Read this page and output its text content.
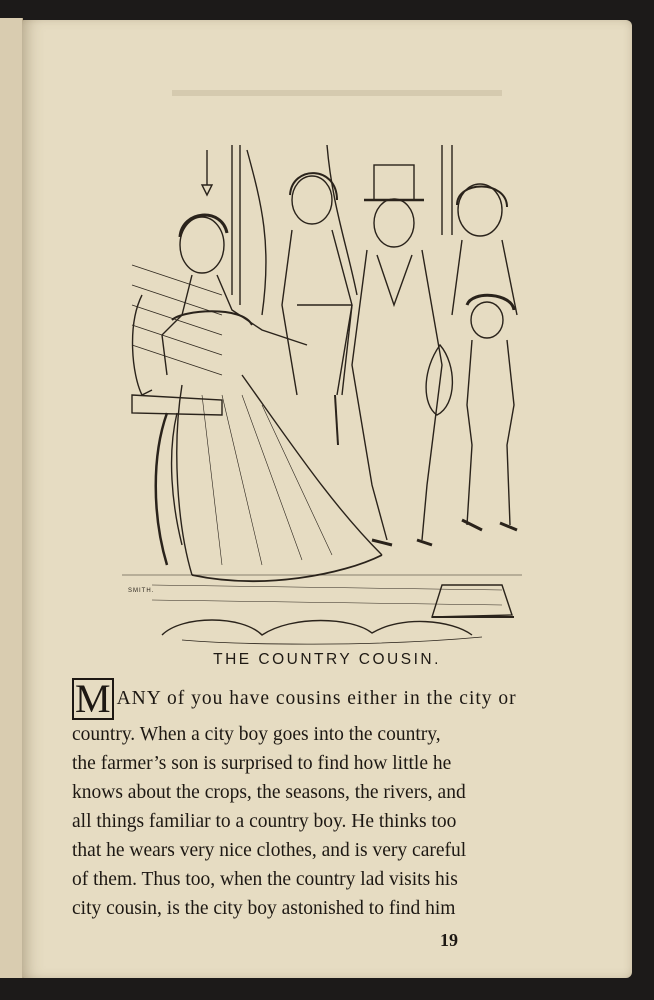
SMITH.
THE COUNTRY COUSIN.
M ANY of you have cousins either in the city or
country. When a city boy goes into the country,
the farmer’s son is surprised to find how little he
knows about the crops, the seasons, the rivers, and
all things familiar to a country boy. He thinks too
that he wears very nice clothes, and is very careful
of them. Thus too, when the country lad visits his
city cousin, is the city boy astonished to find him
19
